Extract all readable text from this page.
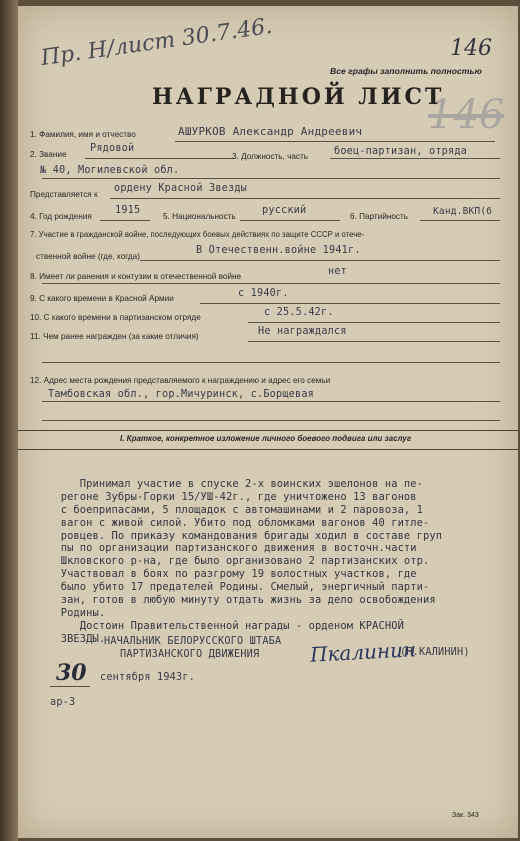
Пр. Н/лист 30.7.46.	146
146
Все графы заполнить полностью
НАГРАДНОЙ ЛИСТ
1. Фамилия, имя и отчество	АШУРКОВ Александр Андреевич
2. Звание
Рядовой
3. Должность, часть	боец-партизан, отряда
№ 40, Могилевской обл.
Представляется к
ордену Красной Звезды
4. Год рождения
1915
5. Национальность
русский
6. Партийность	Канд.ВКП(б
7. Участие в гражданской войне, последующих боевых действиях по защите СССР и отече-
ственной войне (где, когда)
В Отечественн.войне 1941г.
8. Имеет ли ранения и контузии в отечественной войне	нет
9. С какого времени в Красной Армии	с 1940г.
10. С какого времени в партизанском отряде	с 25.5.42г.
11. Чем ранее награжден (за какие отличия)	Не награждался
12. Адрес места рождения представляемого к награждению и адрес его семьи
Тамбовская обл., гор.Мичуринск, с.Борщевая
I. Краткое, конкретное изложение личного боевого подвига или заслуг

Принимал участие в спуске 2-х воинских эшелонов на пе-
регоне Зубры-Горки 15/УШ-42г., где уничтожено 13 вагонов
с боеприпасами, 5 площадок с автомашинами и 2 паровоза, 1
вагон с живой силой. Убито под обломками вагонов 40 гитле-
ровцев. По приказу командования бригады ходил в составе груп
пы по организации партизанского движения в восточн.части
Шкловского р-на, где было организовано 2 партизанских отр.
Участвовал в боях по разгрому 19 волостных участков, где
было убито 17 предателей Родины. Смелый, энергичный парти-
зан, готов в любую минуту отдать жизнь за дело освобождения
Родины.
Достоин Правительственной награды - орденом КРАСНОЙ
ЗВЕЗДЫ.

НАЧАЛЬНИК БЕЛОРУССКОГО ШТАБА
ПАРТИЗАНСКОГО ДВИЖЕНИЯ	Пкалинин
(П.КАЛИНИН)
30 сентября 1943г.
ар-3
Зак. 343
